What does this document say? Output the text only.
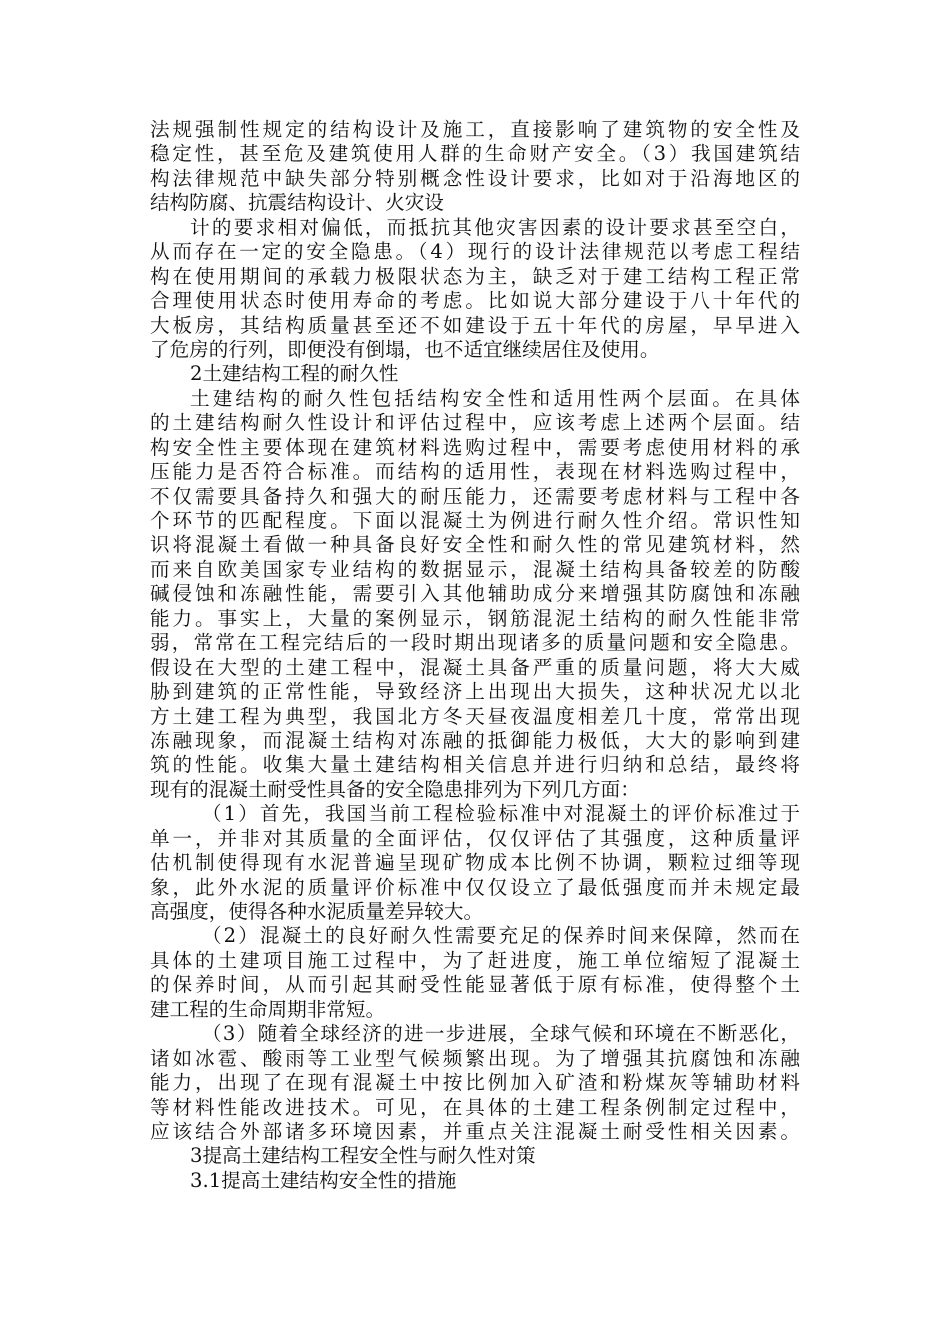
法规强制性规定的结构设计及施工，直接影响了建筑物的安全性及
稳定性，甚至危及建筑使用人群的生命财产安全。（3）我国建筑结
构法律规范中缺失部分特别概念性设计要求，比如对于沿海地区的
结构防腐、抗震结构设计、火灾设
计的要求相对偏低，而抵抗其他灾害因素的设计要求甚至空白，
从而存在一定的安全隐患。（4）现行的设计法律规范以考虑工程结
构在使用期间的承载力极限状态为主，缺乏对于建工结构工程正常
合理使用状态时使用寿命的考虑。比如说大部分建设于八十年代的
大板房，其结构质量甚至还不如建设于五十年代的房屋，早早进入
了危房的行列，即便没有倒塌，也不适宜继续居住及使用。
2土建结构工程的耐久性
土建结构的耐久性包括结构安全性和适用性两个层面。在具体
的土建结构耐久性设计和评估过程中，应该考虑上述两个层面。结
构安全性主要体现在建筑材料选购过程中，需要考虑使用材料的承
压能力是否符合标准。而结构的适用性，表现在材料选购过程中，
不仅需要具备持久和强大的耐压能力，还需要考虑材料与工程中各
个环节的匹配程度。下面以混凝土为例进行耐久性介绍。常识性知
识将混凝土看做一种具备良好安全性和耐久性的常见建筑材料，然
而来自欧美国家专业结构的数据显示，混凝土结构具备较差的防酸
碱侵蚀和冻融性能，需要引入其他辅助成分来增强其防腐蚀和冻融
能力。事实上，大量的案例显示，钢筋混泥土结构的耐久性能非常
弱，常常在工程完结后的一段时期出现诸多的质量问题和安全隐患。
假设在大型的土建工程中，混凝土具备严重的质量问题，将大大威
胁到建筑的正常性能，导致经济上出现出大损失，这种状况尤以北
方土建工程为典型，我国北方冬天昼夜温度相差几十度，常常出现
冻融现象，而混凝土结构对冻融的抵御能力极低，大大的影响到建
筑的性能。收集大量土建结构相关信息并进行归纳和总结，最终将
现有的混凝土耐受性具备的安全隐患排列为下列几方面：
（1）首先，我国当前工程检验标准中对混凝土的评价标准过于
单一，并非对其质量的全面评估，仅仅评估了其强度，这种质量评
估机制使得现有水泥普遍呈现矿物成本比例不协调，颗粒过细等现
象，此外水泥的质量评价标准中仅仅设立了最低强度而并未规定最
高强度，使得各种水泥质量差异较大。
（2）混凝土的良好耐久性需要充足的保养时间来保障，然而在
具体的土建项目施工过程中，为了赶进度，施工单位缩短了混凝土
的保养时间，从而引起其耐受性能显著低于原有标准，使得整个土
建工程的生命周期非常短。
（3）随着全球经济的进一步进展，全球气候和环境在不断恶化，
诸如冰雹、酸雨等工业型气候频繁出现。为了增强其抗腐蚀和冻融
能力，出现了在现有混凝土中按比例加入矿渣和粉煤灰等辅助材料
等材料性能改进技术。可见，在具体的土建工程条例制定过程中，
应该结合外部诸多环境因素，并重点关注混凝土耐受性相关因素。
3提高土建结构工程安全性与耐久性对策
3.1提高土建结构安全性的措施
